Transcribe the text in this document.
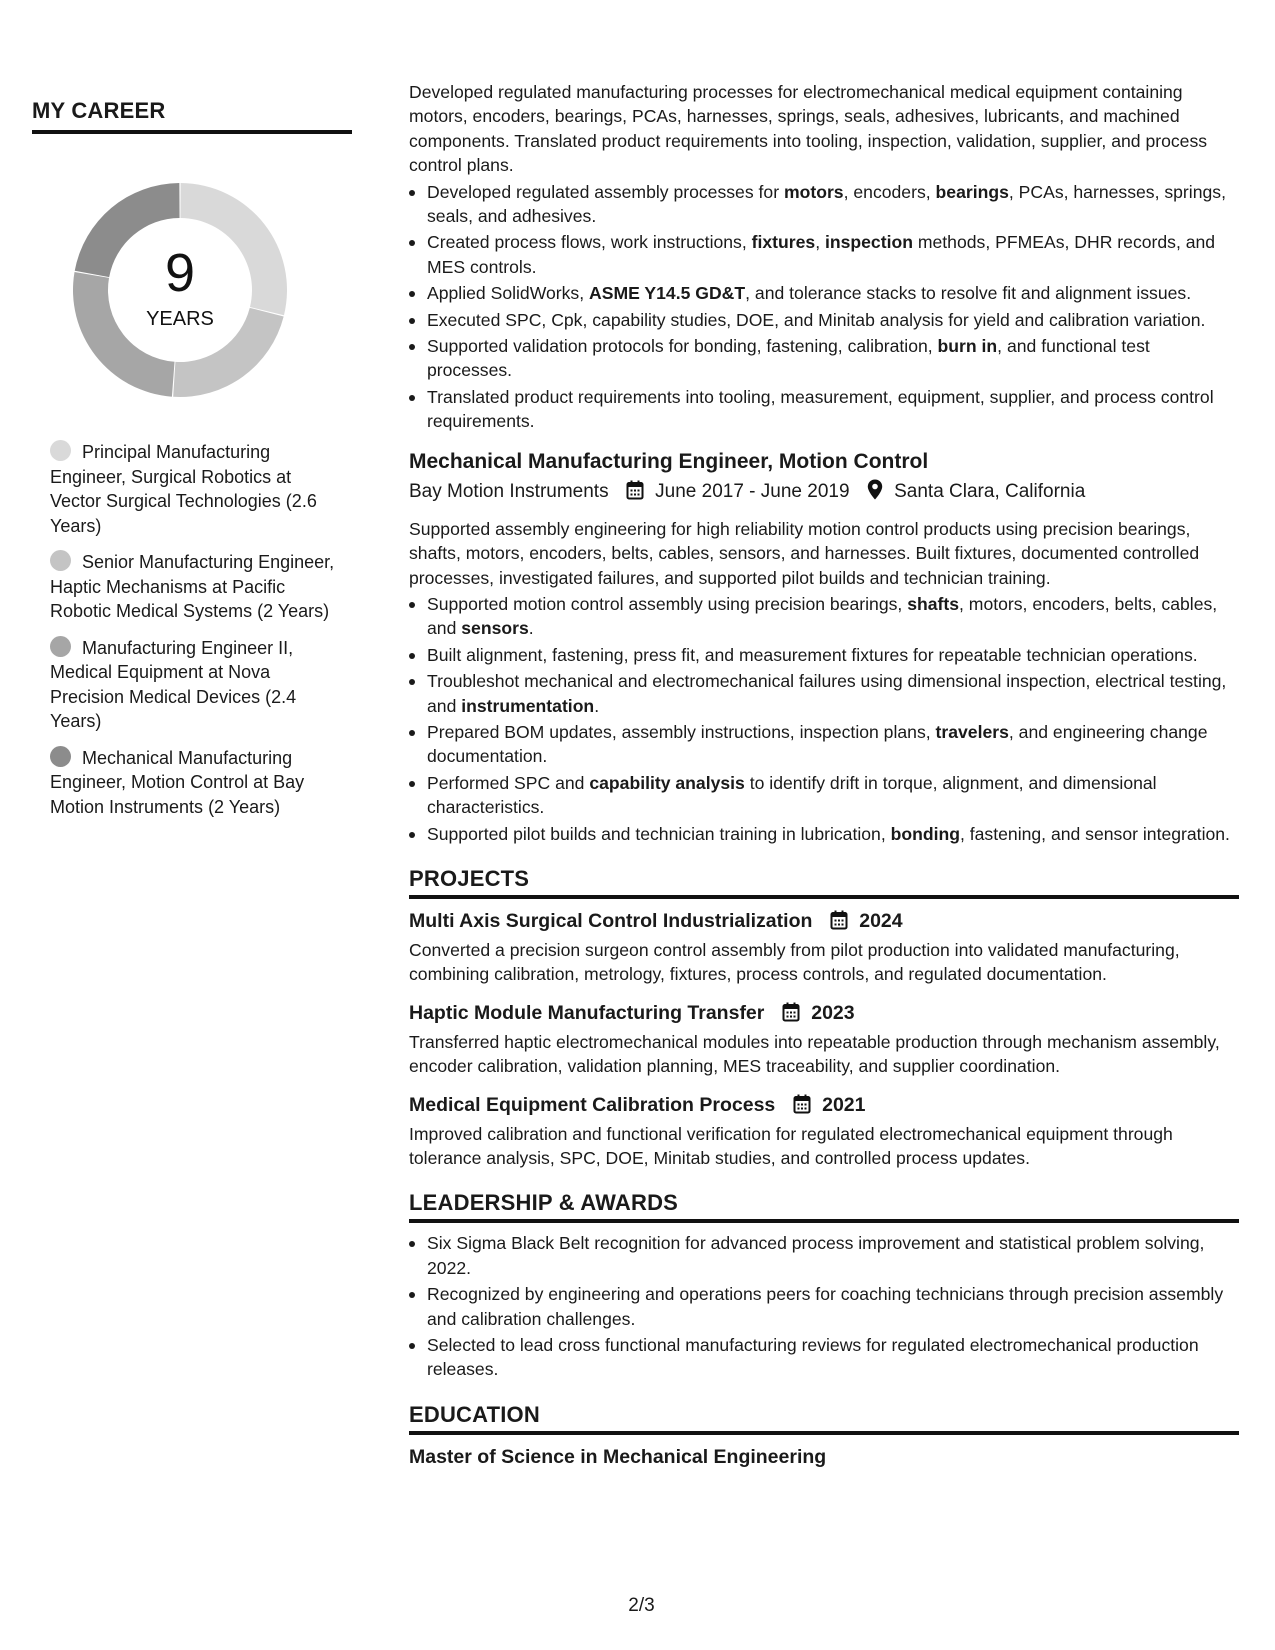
MY CAREER
9
YEARS
Principal Manufacturing Engineer, Surgical Robotics at Vector Surgical Technologies (2.6 Years)
Senior Manufacturing Engineer, Haptic Mechanisms at Pacific Robotic Medical Systems (2 Years)
Manufacturing Engineer II, Medical Equipment at Nova Precision Medical Devices (2.4 Years)
Mechanical Manufacturing Engineer, Motion Control at Bay Motion Instruments (2 Years)

Developed regulated manufacturing processes for electromechanical medical equipment containing motors, encoders, bearings, PCAs, harnesses, springs, seals, adhesives, lubricants, and machined components. Translated product requirements into tooling, inspection, validation, supplier, and process control plans.

Developed regulated assembly processes for motors, encoders, bearings, PCAs, harnesses, springs, seals, and adhesives.
Created process flows, work instructions, fixtures, inspection methods, PFMEAs, DHR records, and MES controls.
Applied SolidWorks, ASME Y14.5 GD&T, and tolerance stacks to resolve fit and alignment issues.
Executed SPC, Cpk, capability studies, DOE, and Minitab analysis for yield and calibration variation.
Supported validation protocols for bonding, fastening, calibration, burn in, and functional test processes.
Translated product requirements into tooling, measurement, equipment, supplier, and process control requirements.
Mechanical Manufacturing Engineer, Motion Control
Bay Motion Instruments June 2017 - June 2019 Santa Clara, California

Supported assembly engineering for high reliability motion control products using precision bearings, shafts, motors, encoders, belts, cables, sensors, and harnesses. Built fixtures, documented controlled processes, investigated failures, and supported pilot builds and technician training.

Supported motion control assembly using precision bearings, shafts, motors, encoders, belts, cables, and sensors.
Built alignment, fastening, press fit, and measurement fixtures for repeatable technician operations.
Troubleshot mechanical and electromechanical failures using dimensional inspection, electrical testing, and instrumentation.
Prepared BOM updates, assembly instructions, inspection plans, travelers, and engineering change documentation.
Performed SPC and capability analysis to identify drift in torque, alignment, and dimensional characteristics.
Supported pilot builds and technician training in lubrication, bonding, fastening, and sensor integration.
PROJECTS
Multi Axis Surgical Control Industrialization 2024

Converted a precision surgeon control assembly from pilot production into validated manufacturing, combining calibration, metrology, fixtures, process controls, and regulated documentation.

Haptic Module Manufacturing Transfer 2023

Transferred haptic electromechanical modules into repeatable production through mechanism assembly, encoder calibration, validation planning, MES traceability, and supplier coordination.

Medical Equipment Calibration Process 2021

Improved calibration and functional verification for regulated electromechanical equipment through tolerance analysis, SPC, DOE, Minitab studies, and controlled process updates.

LEADERSHIP & AWARDS
Six Sigma Black Belt recognition for advanced process improvement and statistical problem solving, 2022.
Recognized by engineering and operations peers for coaching technicians through precision assembly and calibration challenges.
Selected to lead cross functional manufacturing reviews for regulated electromechanical production releases.
EDUCATION
Master of Science in Mechanical Engineering
2/3
